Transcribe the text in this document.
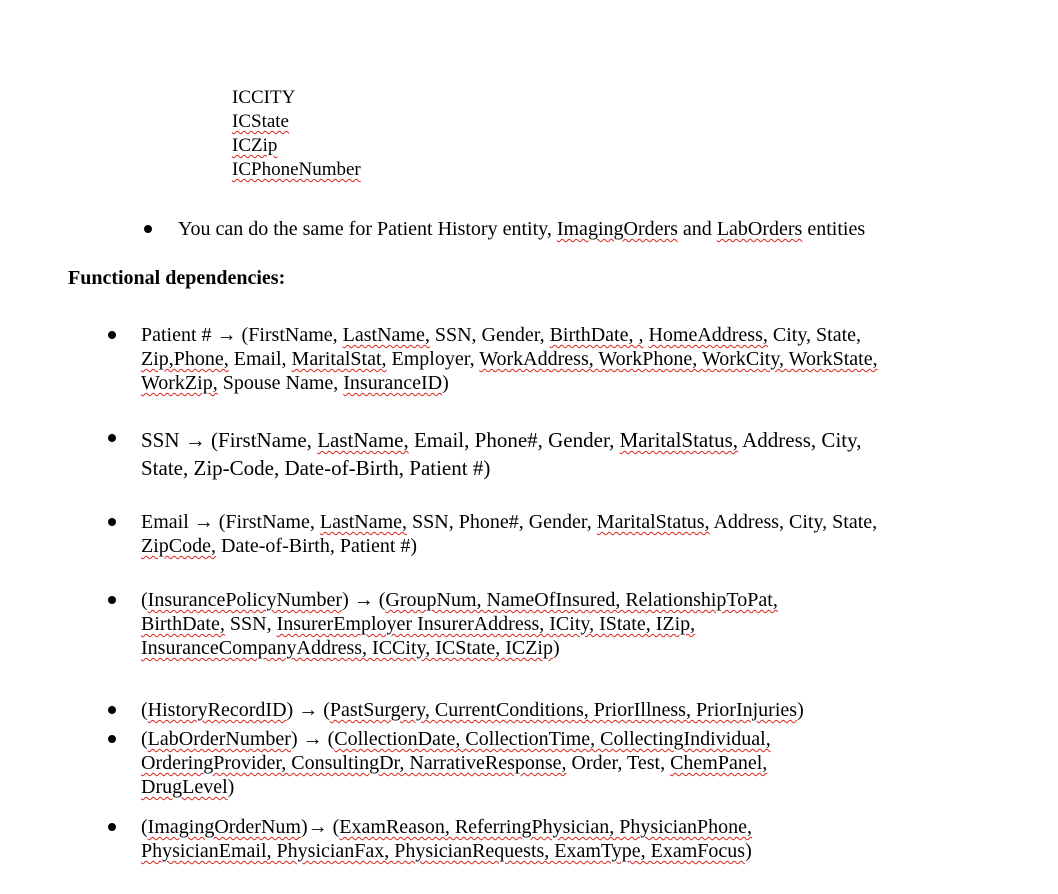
ICCITY
ICState
ICZip
ICPhoneNumber
You can do the same for Patient History entity, ImagingOrders and LabOrders entities
Functional dependencies:
Patient # → (FirstName, LastName, SSN, Gender, BirthDate, , HomeAddress, City, State,
Zip,Phone, Email, MaritalStat, Employer, WorkAddress, WorkPhone, WorkCity, WorkState,
WorkZip, Spouse Name, InsuranceID)
SSN → (FirstName, LastName, Email, Phone#, Gender, MaritalStatus, Address, City,
State, Zip-Code, Date-of-Birth, Patient #)
Email → (FirstName, LastName, SSN, Phone#, Gender, MaritalStatus, Address, City, State,
ZipCode, Date-of-Birth, Patient #)
(InsurancePolicyNumber) → (GroupNum, NameOfInsured, RelationshipToPat,
BirthDate, SSN, InsurerEmployer InsurerAddress, ICity, IState, IZip,
InsuranceCompanyAddress, ICCity, ICState, ICZip)
(HistoryRecordID) → (PastSurgery, CurrentConditions, PriorIllness, PriorInjuries)
(LabOrderNumber) → (CollectionDate, CollectionTime, CollectingIndividual,
OrderingProvider, ConsultingDr, NarrativeResponse, Order, Test, ChemPanel,
DrugLevel)
(ImagingOrderNum)→ (ExamReason, ReferringPhysician, PhysicianPhone,
PhysicianEmail, PhysicianFax, PhysicianRequests, ExamType, ExamFocus)
